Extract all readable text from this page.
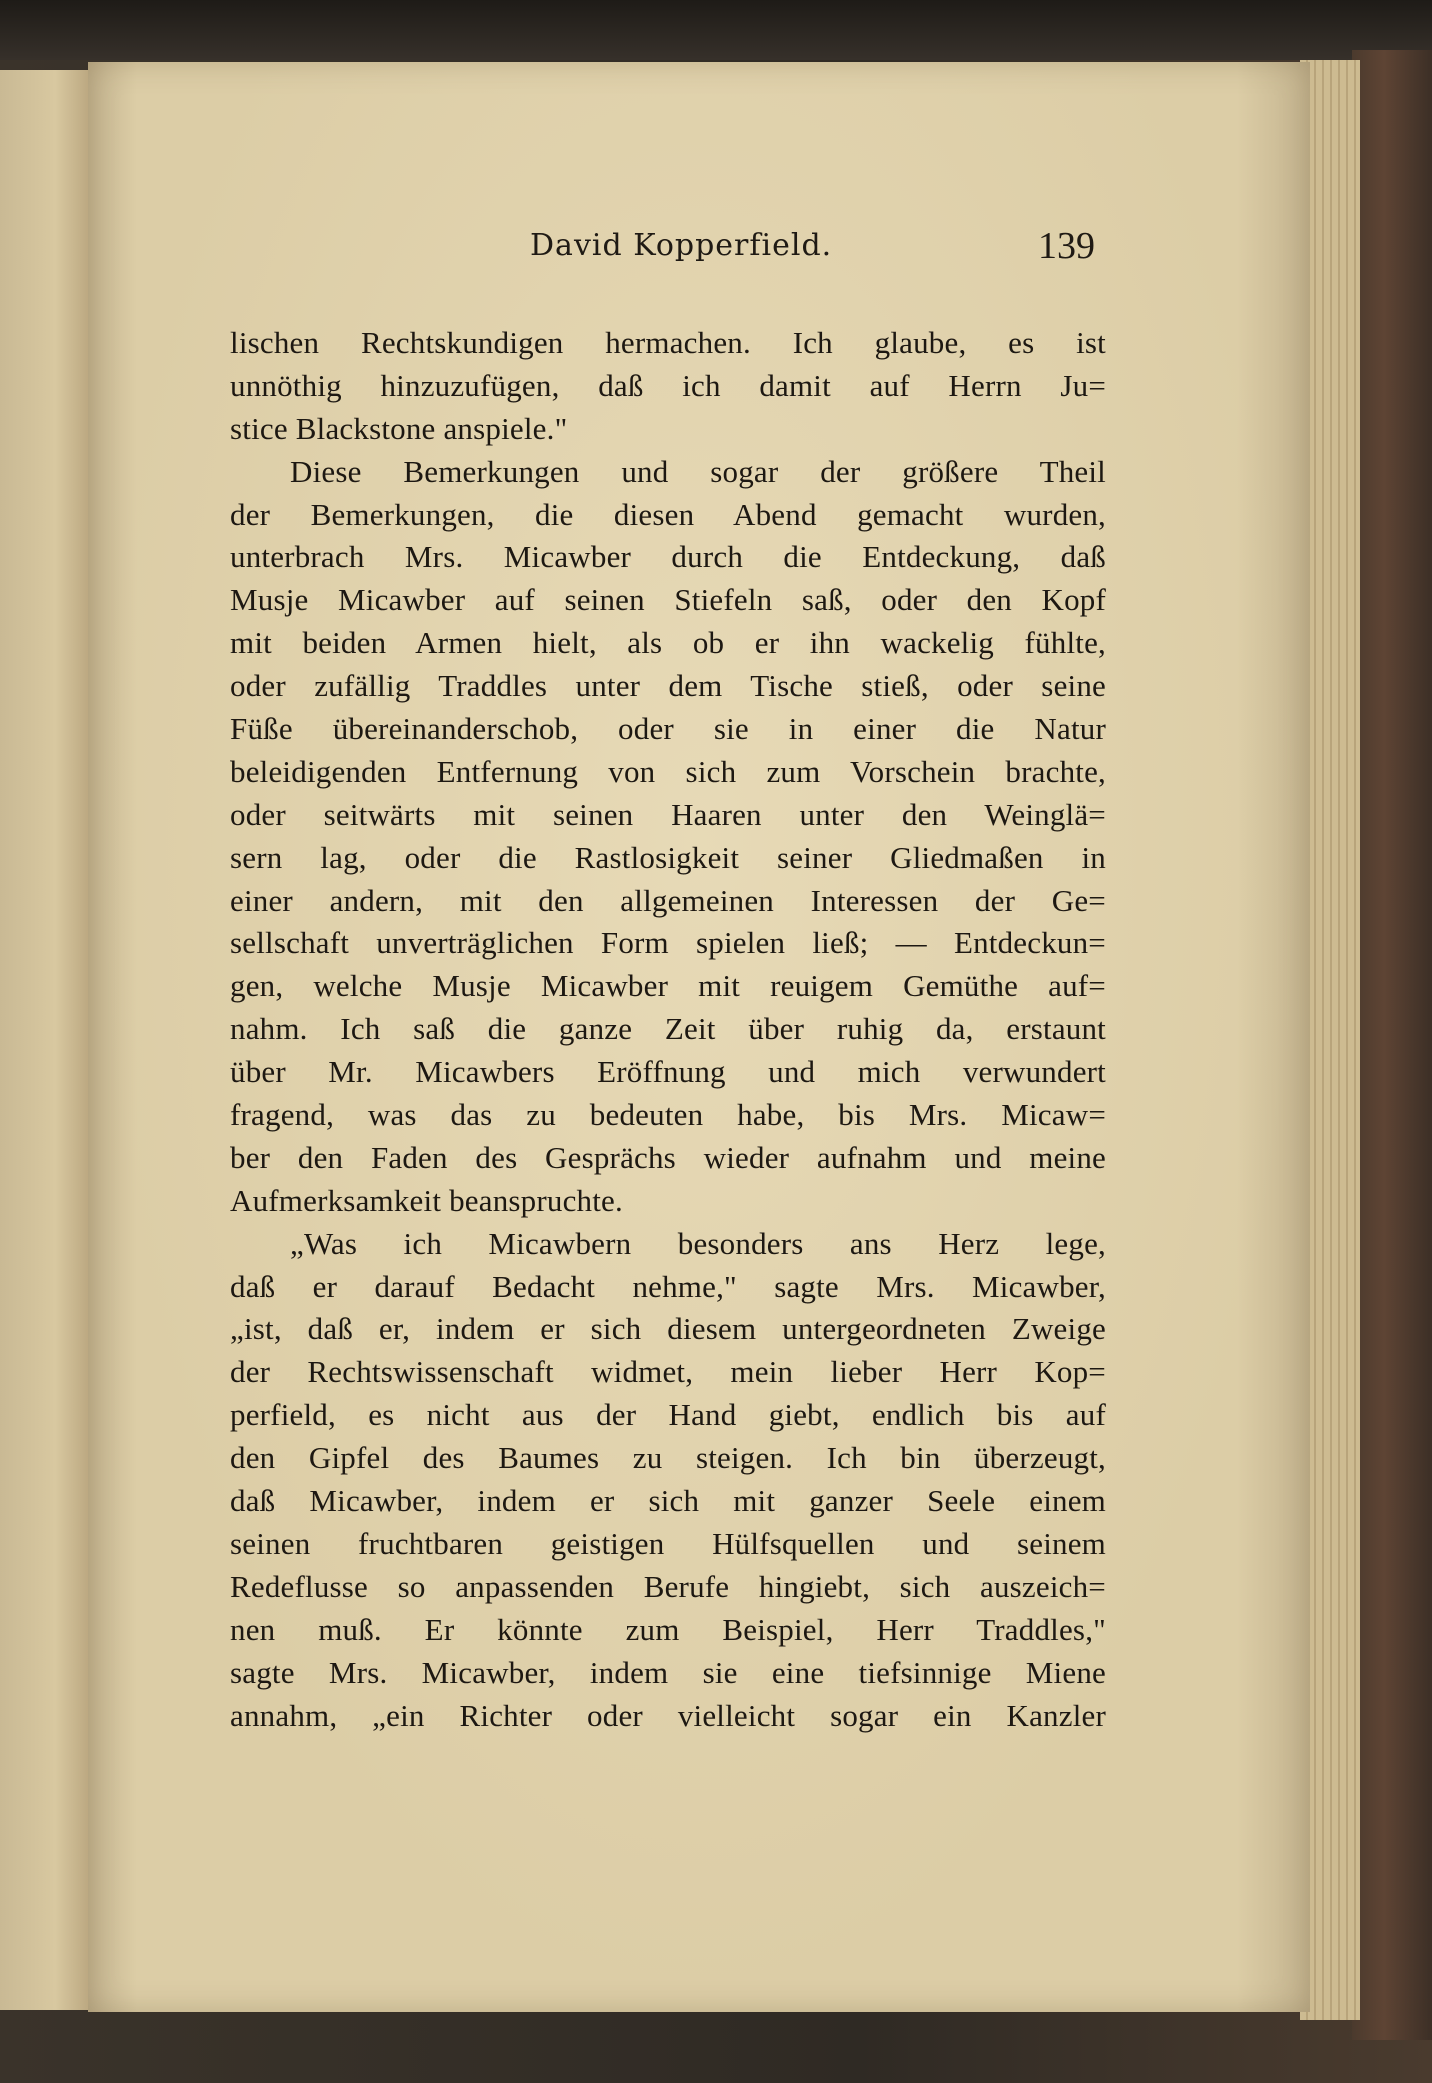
David Kopperfield.	139
lischen Rechtskundigen hermachen. Ich glaube, es ist
unnöthig hinzuzufügen, daß ich damit auf Herrn Ju=
stice Blackstone anspiele."
Diese Bemerkungen und sogar der größere Theil
der Bemerkungen, die diesen Abend gemacht wurden,
unterbrach Mrs. Micawber durch die Entdeckung, daß
Musje Micawber auf seinen Stiefeln saß, oder den Kopf
mit beiden Armen hielt, als ob er ihn wackelig fühlte,
oder zufällig Traddles unter dem Tische stieß, oder seine
Füße übereinanderschob, oder sie in einer die Natur
beleidigenden Entfernung von sich zum Vorschein brachte,
oder seitwärts mit seinen Haaren unter den Weinglä=
sern lag, oder die Rastlosigkeit seiner Gliedmaßen in
einer andern, mit den allgemeinen Interessen der Ge=
sellschaft unverträglichen Form spielen ließ; — Entdeckun=
gen, welche Musje Micawber mit reuigem Gemüthe auf=
nahm. Ich saß die ganze Zeit über ruhig da, erstaunt
über Mr. Micawbers Eröffnung und mich verwundert
fragend, was das zu bedeuten habe, bis Mrs. Micaw=
ber den Faden des Gesprächs wieder aufnahm und meine
Aufmerksamkeit beanspruchte.
„Was ich Micawbern besonders ans Herz lege,
daß er darauf Bedacht nehme," sagte Mrs. Micawber,
„ist, daß er, indem er sich diesem untergeordneten Zweige
der Rechtswissenschaft widmet, mein lieber Herr Kop=
perfield, es nicht aus der Hand giebt, endlich bis auf
den Gipfel des Baumes zu steigen. Ich bin überzeugt,
daß Micawber, indem er sich mit ganzer Seele einem
seinen fruchtbaren geistigen Hülfsquellen und seinem
Redeflusse so anpassenden Berufe hingiebt, sich auszeich=
nen muß. Er könnte zum Beispiel, Herr Traddles,"
sagte Mrs. Micawber, indem sie eine tiefsinnige Miene
annahm, „ein Richter oder vielleicht sogar ein Kanzler
